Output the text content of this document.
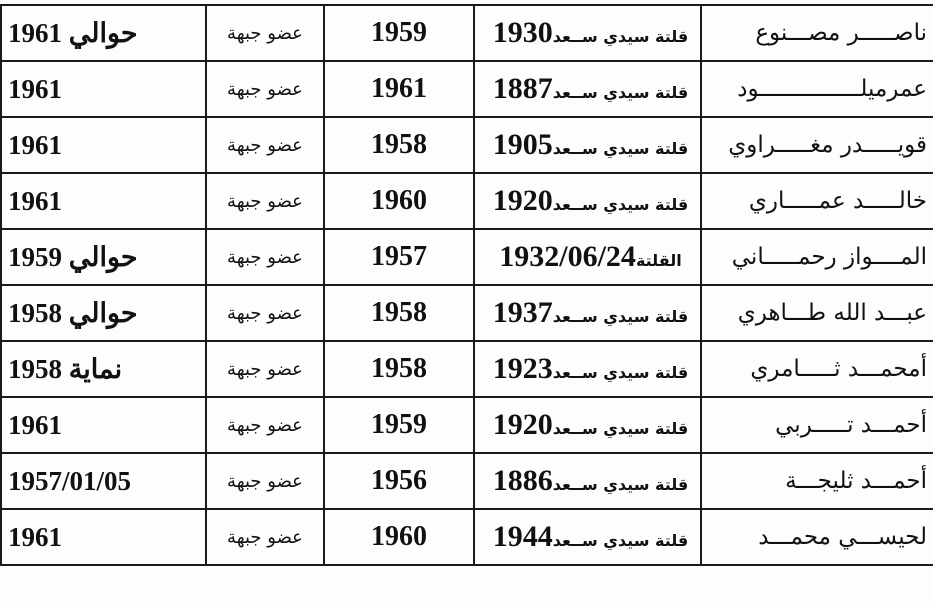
حوالي 1961	عضو جبهة	1959	قلتة سيدي ســعد1930	ناصـــــر مصـــنوع
1961	عضو جبهة	1961	قلتة سيدي ســعد1887	عمرميلـــــــــــــــود
1961	عضو جبهة	1958	قلتة سيدي ســعد1905	قويـــــدر مغـــــراوي
1961	عضو جبهة	1960	قلتة سيدي ســعد1920	خالـــــد عمـــــاري
حوالي 1959	عضو جبهة	1957	القلتة1932/06/24	المــــواز رحمـــــاني
حوالي 1958	عضو جبهة	1958	قلتة سيدي ســعد1937	عبـــد الله طـــاهري
نماية 1958	عضو جبهة	1958	قلتة سيدي ســعد1923	أمحمـــد ثـــــامري
1961	عضو جبهة	1959	قلتة سيدي ســعد1920	أحمـــد تـــــربي
1957/01/05	عضو جبهة	1956	قلتة سيدي ســعد1886	أحمـــد ثليجـــة
1961	عضو جبهة	1960	قلتة سيدي ســعد1944	لحيســـي محمـــد
